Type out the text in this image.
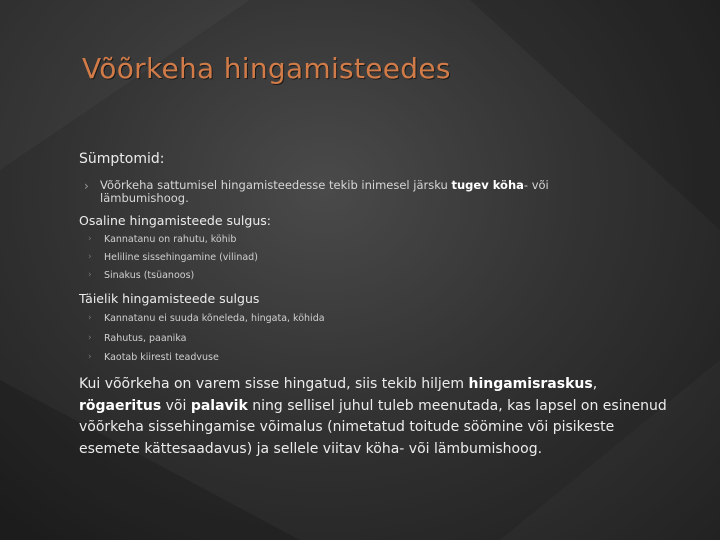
Võõrkeha hingamisteedes
Sümptomid:
› Võõrkeha sattumisel hingamisteedesse tekib inimesel järsku tugev köha- või
lämbumishoog.
Osaline hingamisteede sulgus:
›	Kannatanu on rahutu, köhib
›	Heliline sissehingamine (vilinad)
›	Sinakus (tsüanoos)
Täielik hingamisteede sulgus
›	Kannatanu ei suuda kõneleda, hingata, köhida
›	Rahutus, paanika
›	Kaotab kiiresti teadvuse
Kui võõrkeha on varem sisse hingatud, siis tekib hiljem hingamisraskus, rögaeritus või palavik ning sellisel juhul tuleb meenutada, kas lapsel on esinenud võõrkeha sissehingamise võimalus (nimetatud toitude söömine või pisikeste esemete kättesaadavus) ja sellele viitav köha- või lämbumishoog.
